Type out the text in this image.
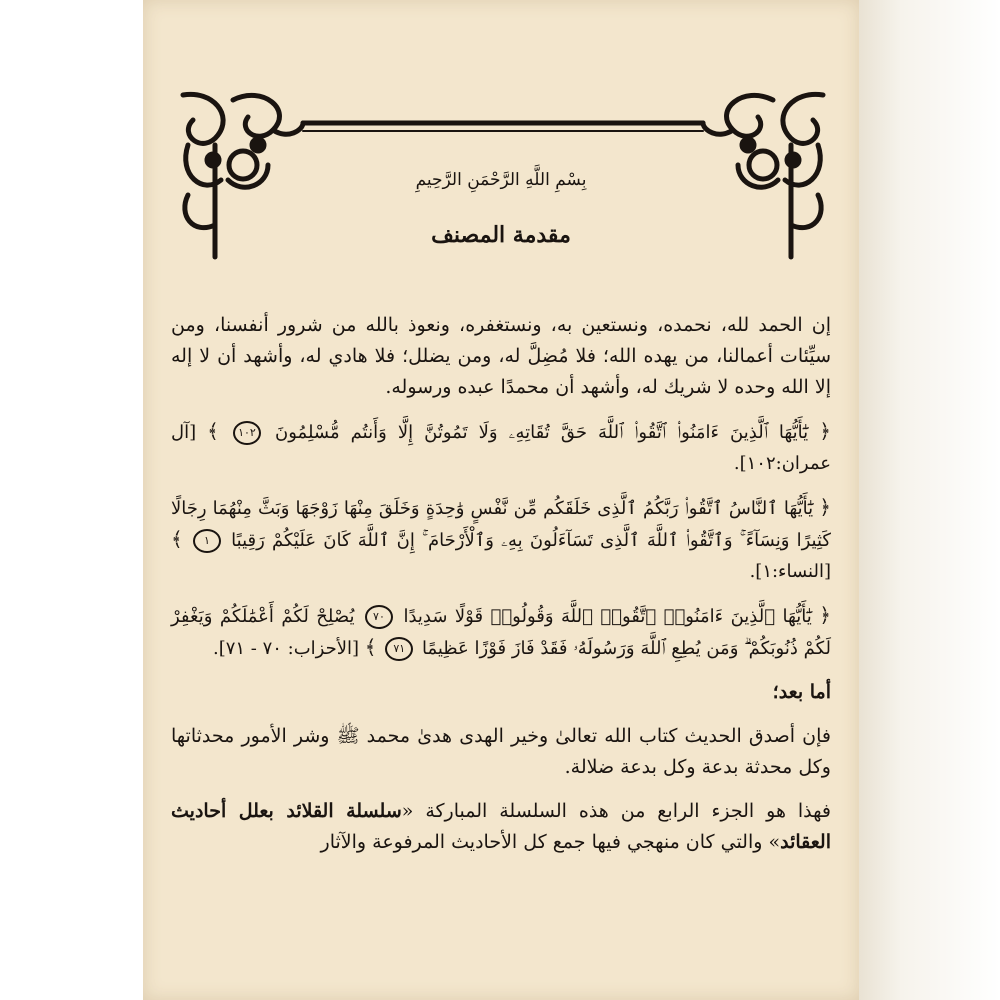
بِسْمِ اللَّهِ الرَّحْمَنِ الرَّحِيمِ
مقدمة المصنف

إن الحمد لله، نحمده، ونستعين به، ونستغفره، ونعوذ بالله من شرور أنفسنا، ومن سيِّئات أعمالنا، من يهده الله؛ فلا مُضِلَّ له، ومن يضلل؛ فلا هادي له، وأشهد أن لا إله إلا الله وحده لا شريك له، وأشهد أن محمدًا عبده ورسوله.

﴿ يَٰٓأَيُّهَا ٱلَّذِينَ ءَامَنُوا۟ ٱتَّقُوا۟ ٱللَّهَ حَقَّ تُقَاتِهِۦ وَلَا تَمُوتُنَّ إِلَّا وَأَنتُم مُّسْلِمُونَ ١٠٢ ﴾ [آل عمران:١٠٢].

﴿ يَٰٓأَيُّهَا ٱلنَّاسُ ٱتَّقُوا۟ رَبَّكُمُ ٱلَّذِى خَلَقَكُم مِّن نَّفْسٍ وَٰحِدَةٍ وَخَلَقَ مِنْهَا زَوْجَهَا وَبَثَّ مِنْهُمَا رِجَالًا كَثِيرًا وَنِسَآءً ۚ وَٱتَّقُوا۟ ٱللَّهَ ٱلَّذِى تَسَآءَلُونَ بِهِۦ وَٱلْأَرْحَامَ ۚ إِنَّ ٱللَّهَ كَانَ عَلَيْكُمْ رَقِيبًا ١ ﴾ [النساء:١].

﴿ يَٰٓأَيُّهَا ٱلَّذِينَ ءَامَنُوا۟ ٱتَّقُوا۟ ٱللَّهَ وَقُولُوا۟ قَوْلًا سَدِيدًا ٧٠ يُصْلِحْ لَكُمْ أَعْمَٰلَكُمْ وَيَغْفِرْ لَكُمْ ذُنُوبَكُمْ ۗ وَمَن يُطِعِ ٱللَّهَ وَرَسُولَهُۥ فَقَدْ فَازَ فَوْزًا عَظِيمًا ٧١ ﴾ [الأحزاب: ٧٠ - ٧١].

أما بعد؛

فإن أصدق الحديث كتاب الله تعالىٰ وخير الهدى هدىٰ محمد ﷺ وشر الأمور محدثاتها وكل محدثة بدعة وكل بدعة ضلالة.

فهذا هو الجزء الرابع من هذه السلسلة المباركة «سلسلة القلائد بعلل أحاديث العقائد» والتي كان منهجي فيها جمع كل الأحاديث المرفوعة والآثار
